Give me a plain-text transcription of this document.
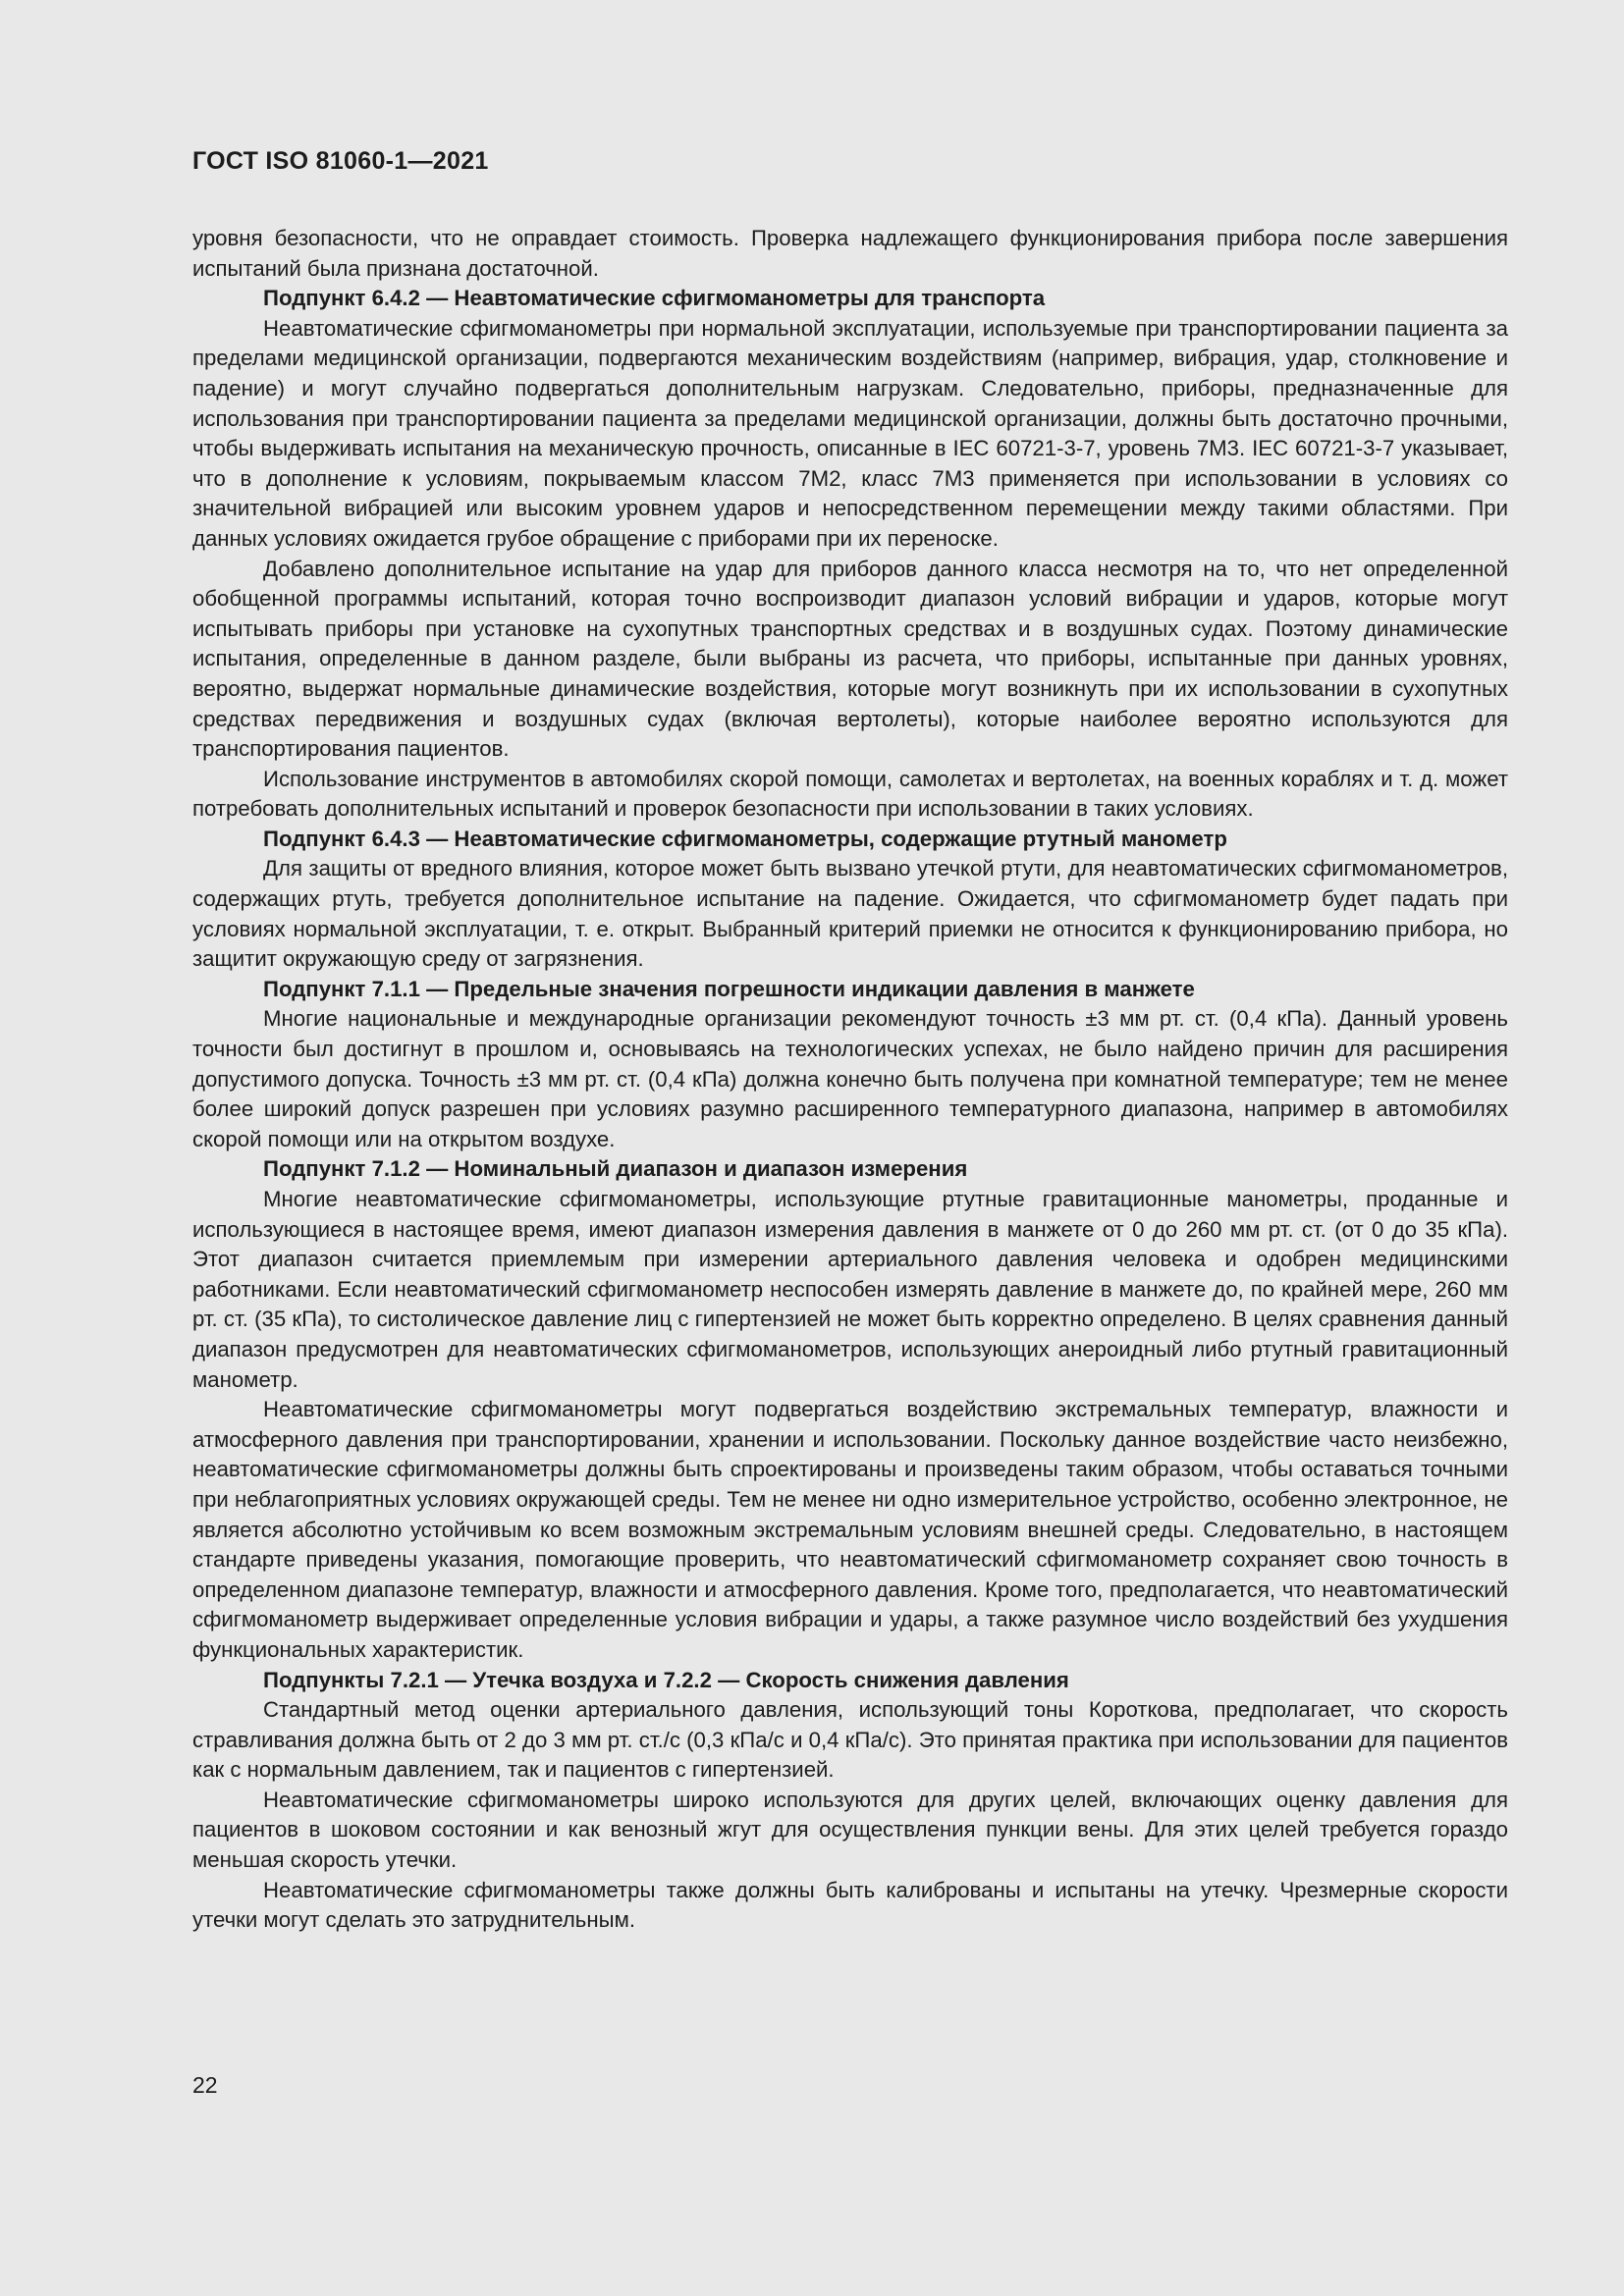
ГОСТ ISO 81060-1—2021

уровня безопасности, что не оправдает стоимость. Проверка надлежащего функционирования прибора после завершения испытаний была признана достаточной.

Подпункт 6.4.2 — Неавтоматические сфигмоманометры для транспорта

Неавтоматические сфигмоманометры при нормальной эксплуатации, используемые при транспортировании пациента за пределами медицинской организации, подвергаются механическим воздействиям (например, вибрация, удар, столкновение и падение) и могут случайно подвергаться дополнительным нагрузкам. Следовательно, приборы, предназначенные для использования при транспортировании пациента за пределами медицинской организации, должны быть достаточно прочными, чтобы выдерживать испытания на механическую прочность, описанные в IEC 60721-3-7, уровень 7М3. IEC 60721-3-7 указывает, что в дополнение к условиям, покрываемым классом 7М2, класс 7М3 применяется при использовании в условиях со значительной вибрацией или высоким уровнем ударов и непосредственном перемещении между такими областями. При данных условиях ожидается грубое обращение с приборами при их переноске.

Добавлено дополнительное испытание на удар для приборов данного класса несмотря на то, что нет определенной обобщенной программы испытаний, которая точно воспроизводит диапазон условий вибрации и ударов, которые могут испытывать приборы при установке на сухопутных транспортных средствах и в воздушных судах. Поэтому динамические испытания, определенные в данном разделе, были выбраны из расчета, что приборы, испытанные при данных уровнях, вероятно, выдержат нормальные динамические воздействия, которые могут возникнуть при их использовании в сухопутных средствах передвижения и воздушных судах (включая вертолеты), которые наиболее вероятно используются для транспортирования пациентов.

Использование инструментов в автомобилях скорой помощи, самолетах и вертолетах, на военных кораблях и т. д. может потребовать дополнительных испытаний и проверок безопасности при использовании в таких условиях.

Подпункт 6.4.3 — Неавтоматические сфигмоманометры, содержащие ртутный манометр

Для защиты от вредного влияния, которое может быть вызвано утечкой ртути, для неавтоматических сфигмоманометров, содержащих ртуть, требуется дополнительное испытание на падение. Ожидается, что сфигмоманометр будет падать при условиях нормальной эксплуатации, т. е. открыт. Выбранный критерий приемки не относится к функционированию прибора, но защитит окружающую среду от загрязнения.

Подпункт 7.1.1 — Предельные значения погрешности индикации давления в манжете

Многие национальные и международные организации рекомендуют точность ±3 мм рт. ст. (0,4 кПа). Данный уровень точности был достигнут в прошлом и, основываясь на технологических успехах, не было найдено причин для расширения допустимого допуска. Точность ±3 мм рт. ст. (0,4 кПа) должна конечно быть получена при комнатной температуре; тем не менее более широкий допуск разрешен при условиях разумно расширенного температурного диапазона, например в автомобилях скорой помощи или на открытом воздухе.

Подпункт 7.1.2 — Номинальный диапазон и диапазон измерения

Многие неавтоматические сфигмоманометры, использующие ртутные гравитационные манометры, проданные и использующиеся в настоящее время, имеют диапазон измерения давления в манжете от 0 до 260 мм рт. ст. (от 0 до 35 кПа). Этот диапазон считается приемлемым при измерении артериального давления человека и одобрен медицинскими работниками. Если неавтоматический сфигмоманометр неспособен измерять давление в манжете до, по крайней мере, 260 мм рт. ст. (35 кПа), то систолическое давление лиц с гипертензией не может быть корректно определено. В целях сравнения данный диапазон предусмотрен для неавтоматических сфигмоманометров, использующих анероидный либо ртутный гравитационный манометр.

Неавтоматические сфигмоманометры могут подвергаться воздействию экстремальных температур, влажности и атмосферного давления при транспортировании, хранении и использовании. Поскольку данное воздействие часто неизбежно, неавтоматические сфигмоманометры должны быть спроектированы и произведены таким образом, чтобы оставаться точными при неблагоприятных условиях окружающей среды. Тем не менее ни одно измерительное устройство, особенно электронное, не является абсолютно устойчивым ко всем возможным экстремальным условиям внешней среды. Следовательно, в настоящем стандарте приведены указания, помогающие проверить, что неавтоматический сфигмоманометр сохраняет свою точность в определенном диапазоне температур, влажности и атмосферного давления. Кроме того, предполагается, что неавтоматический сфигмоманометр выдерживает определенные условия вибрации и удары, а также разумное число воздействий без ухудшения функциональных характеристик.

Подпункты 7.2.1 — Утечка воздуха и 7.2.2 — Скорость снижения давления

Стандартный метод оценки артериального давления, использующий тоны Короткова, предполагает, что скорость стравливания должна быть от 2 до 3 мм рт. ст./с (0,3 кПа/с и 0,4 кПа/с). Это принятая практика при использовании для пациентов как с нормальным давлением, так и пациентов с гипертензией.

Неавтоматические сфигмоманометры широко используются для других целей, включающих оценку давления для пациентов в шоковом состоянии и как венозный жгут для осуществления пункции вены. Для этих целей требуется гораздо меньшая скорость утечки.

Неавтоматические сфигмоманометры также должны быть калиброваны и испытаны на утечку. Чрезмерные скорости утечки могут сделать это затруднительным.

22
